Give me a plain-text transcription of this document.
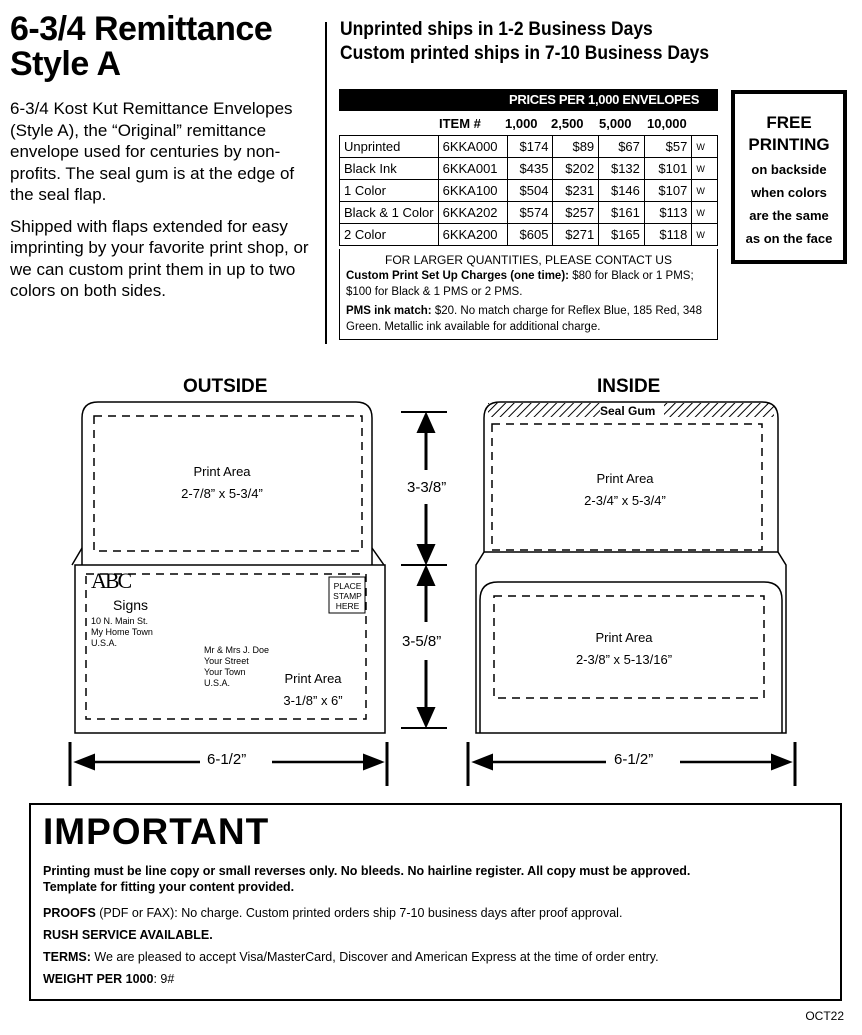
6-3/4 Remittance
Style A

6-3/4 Kost Kut Remittance Envelopes (Style A), the “Original” remittance envelope used for centuries by non-profits. The seal gum is at the edge of the seal flap.

Shipped with flaps extended for easy imprinting by your favorite print shop, or we can custom print them in up to two colors on both sides.

Unprinted ships in 1-2 Business Days
Custom printed ships in 7-10 Business Days
PRICES PER 1,000 ENVELOPES
ITEM # 1,000 2,500 5,000 10,000
Unprinted	6KKA000	$174	$89	$67	$57	W
Black Ink	6KKA001	$435	$202	$132	$101	W
1 Color	6KKA100	$504	$231	$146	$107	W
Black & 1 Color	6KKA202	$574	$257	$161	$113	W
2 Color	6KKA200	$605	$271	$165	$118	W
FOR LARGER QUANTITIES, PLEASE CONTACT US
Custom Print Set Up Charges (one time): $80 for Black or 1 PMS; $100 for Black & 1 PMS or 2 PMS.
PMS ink match: $20. No match charge for Reflex Blue, 185 Red, 348 Green. Metallic ink available for additional charge.
FREE
PRINTING
on backside
when colors
are the same
as on the face
OUTSIDE	INSIDE
Print Area
2-7/8” x 5-3/4”
ABC
Signs
10 N. Main St.
My Home Town
U.S.A.
PLACE
STAMP
HERE
Mr & Mrs J. Doe
Your Street
Your Town
U.S.A.	Print Area
3-1/8” x 6”
6-1/2”
3-3/8”
3-5/8”
Seal Gum
Print Area
2-3/4” x 5-3/4”
Print Area
2-3/8” x 5-13/16”
6-1/2”
IMPORTANT

Printing must be line copy or small reverses only. No bleeds. No hairline register. All copy must be approved.
Template for fitting your content provided.

PROOFS (PDF or FAX): No charge. Custom printed orders ship 7-10 business days after proof approval.

RUSH SERVICE AVAILABLE.

TERMS: We are pleased to accept Visa/MasterCard, Discover and American Express at the time of order entry.

WEIGHT PER 1000: 9#

OCT22
